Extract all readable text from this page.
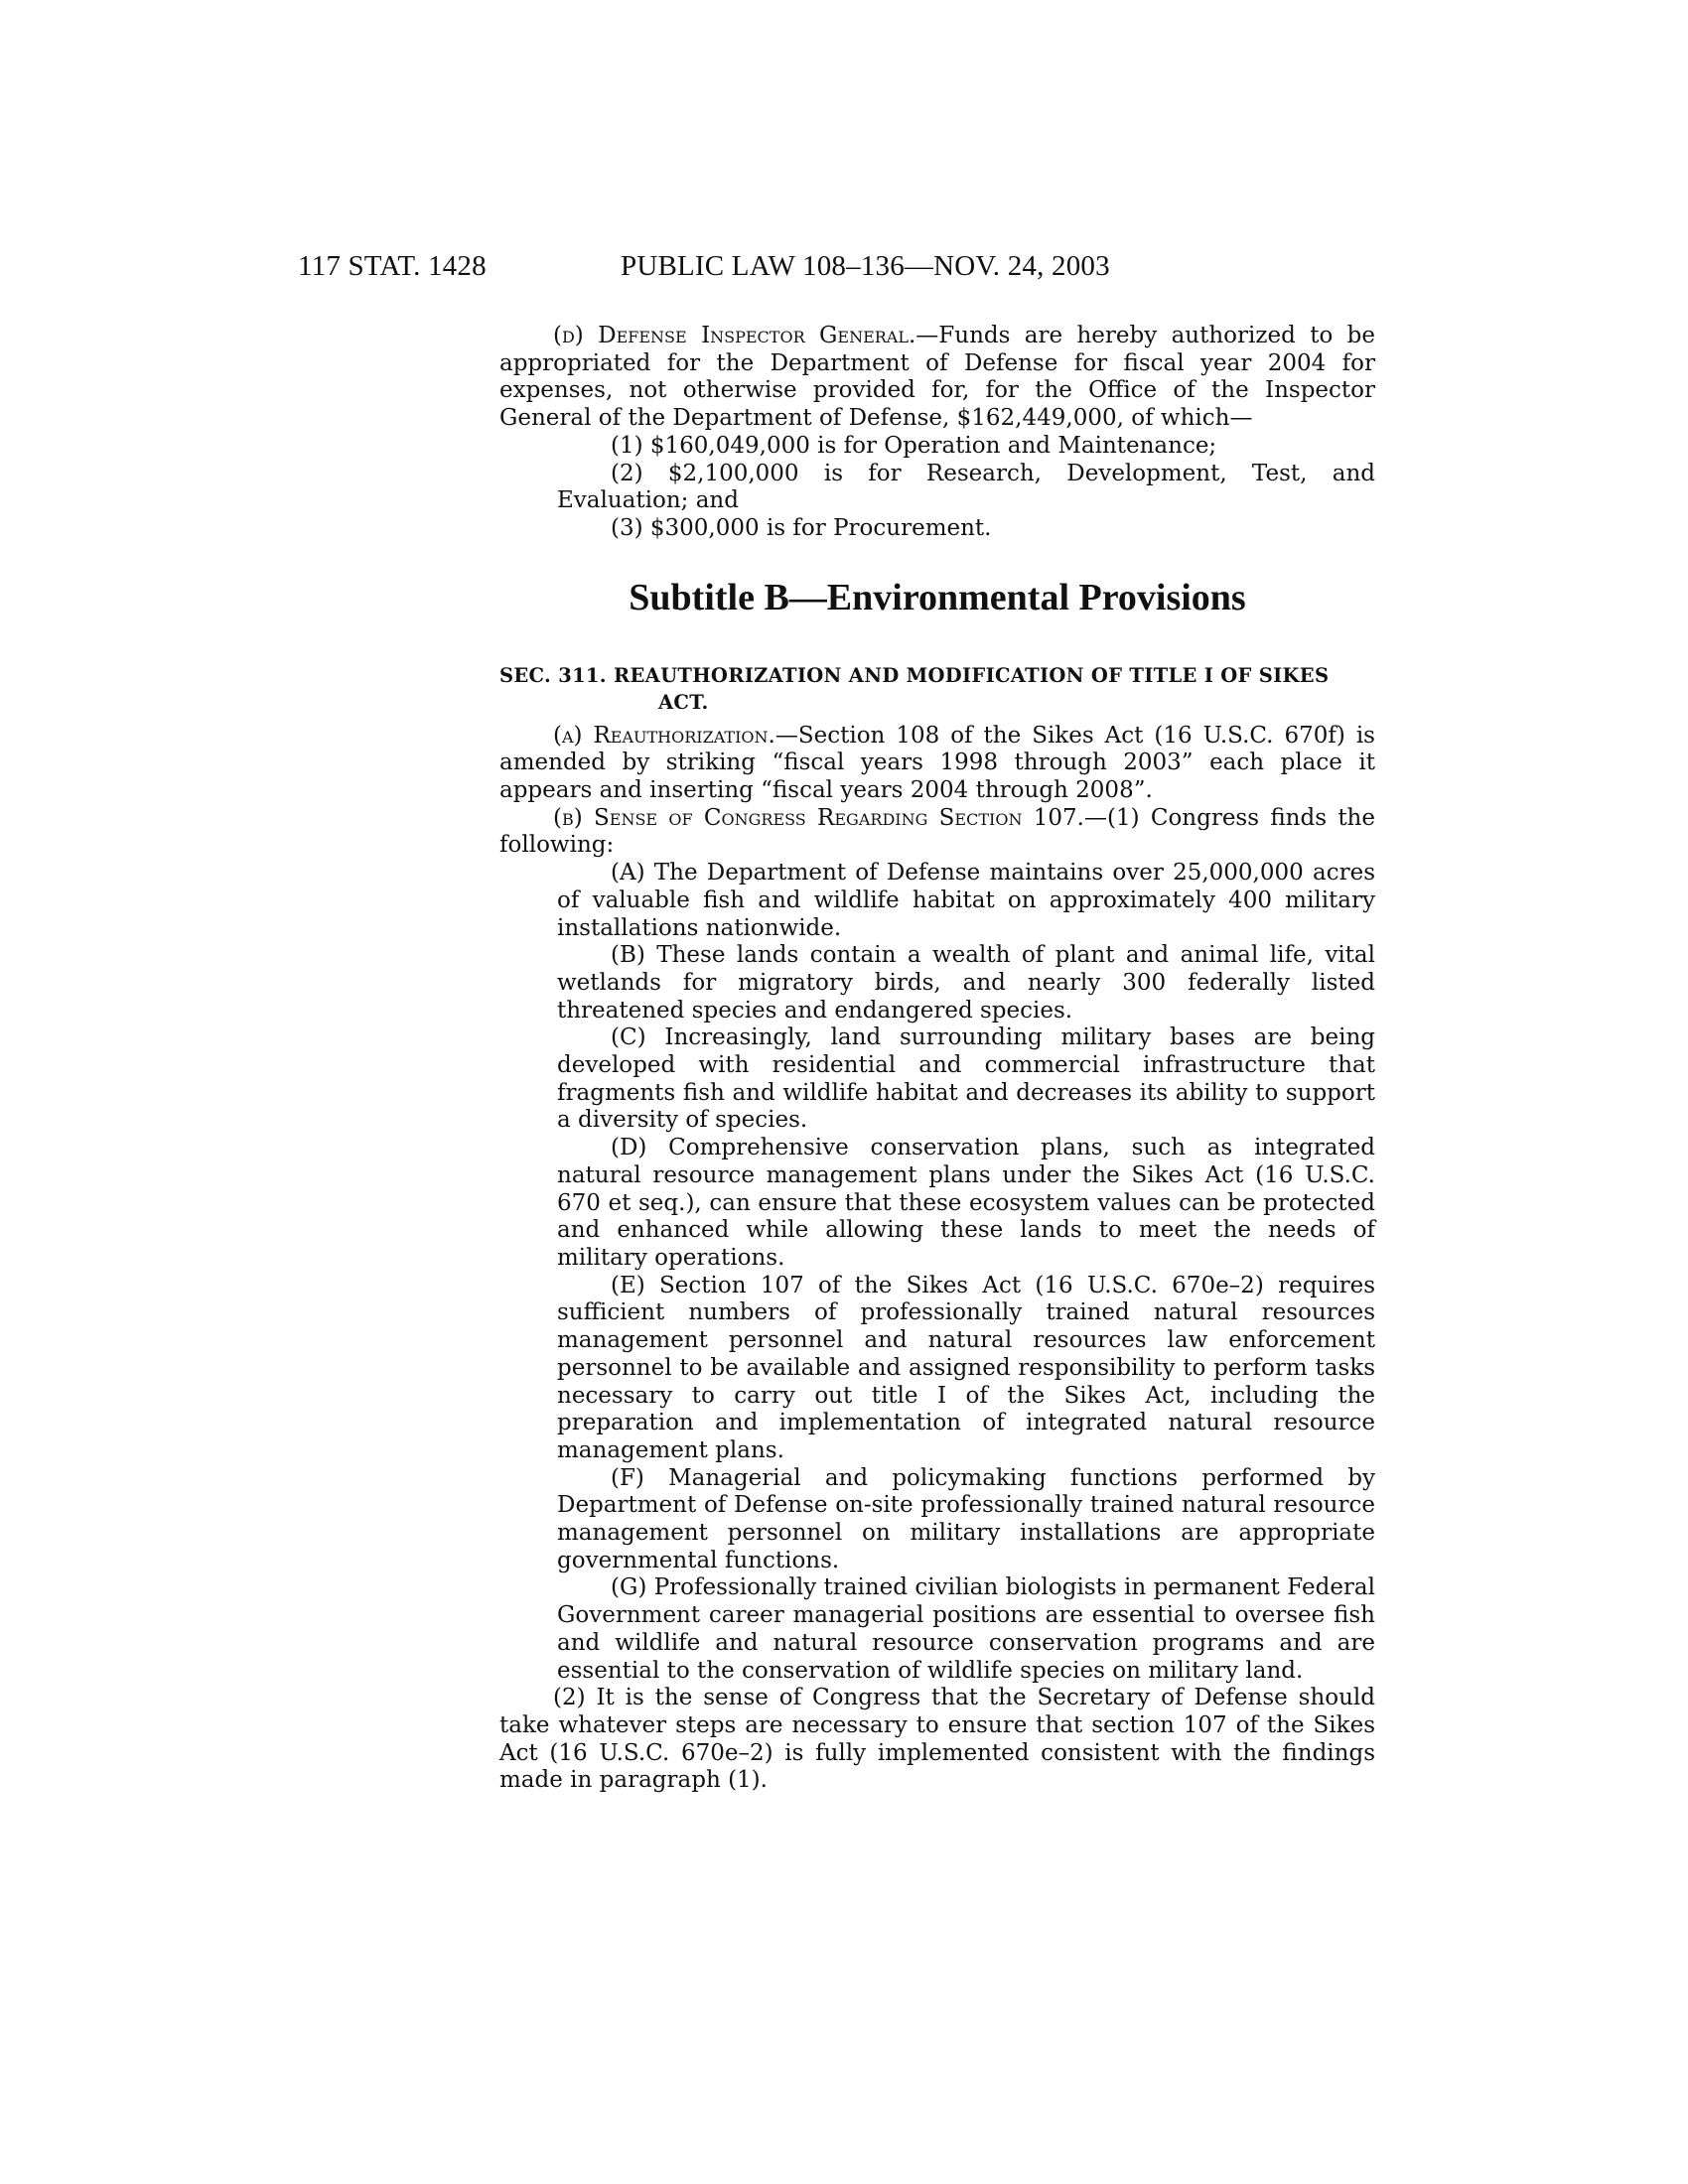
117 STAT. 1428	PUBLIC LAW 108–136—NOV. 24, 2003

(d) Defense Inspector General.—Funds are hereby authorized to be appropriated for the Department of Defense for fiscal year 2004 for expenses, not otherwise provided for, for the Office of the Inspector General of the Department of Defense, $162,449,000, of which—

(1) $160,049,000 is for Operation and Maintenance;

(2) $2,100,000 is for Research, Development, Test, and Evaluation; and

(3) $300,000 is for Procurement.

Subtitle B—Environmental Provisions

SEC. 311. REAUTHORIZATION AND MODIFICATION OF TITLE I OF SIKES ACT.

(a) Reauthorization.—Section 108 of the Sikes Act (16 U.S.C. 670f) is amended by striking “fiscal years 1998 through 2003” each place it appears and inserting “fiscal years 2004 through 2008”.

(b) Sense of Congress Regarding Section 107.—(1) Congress finds the following:

(A) The Department of Defense maintains over 25,000,000 acres of valuable fish and wildlife habitat on approximately 400 military installations nationwide.

(B) These lands contain a wealth of plant and animal life, vital wetlands for migratory birds, and nearly 300 federally listed threatened species and endangered species.

(C) Increasingly, land surrounding military bases are being developed with residential and commercial infrastructure that fragments fish and wildlife habitat and decreases its ability to support a diversity of species.

(D) Comprehensive conservation plans, such as integrated natural resource management plans under the Sikes Act (16 U.S.C. 670 et seq.), can ensure that these ecosystem values can be protected and enhanced while allowing these lands to meet the needs of military operations.

(E) Section 107 of the Sikes Act (16 U.S.C. 670e–2) requires sufficient numbers of professionally trained natural resources management personnel and natural resources law enforcement personnel to be available and assigned responsibility to perform tasks necessary to carry out title I of the Sikes Act, including the preparation and implementation of integrated natural resource management plans.

(F) Managerial and policymaking functions performed by Department of Defense on-site professionally trained natural resource management personnel on military installations are appropriate governmental functions.

(G) Professionally trained civilian biologists in permanent Federal Government career managerial positions are essential to oversee fish and wildlife and natural resource conservation programs and are essential to the conservation of wildlife species on military land.

(2) It is the sense of Congress that the Secretary of Defense should take whatever steps are necessary to ensure that section 107 of the Sikes Act (16 U.S.C. 670e–2) is fully implemented consistent with the findings made in paragraph (1).
